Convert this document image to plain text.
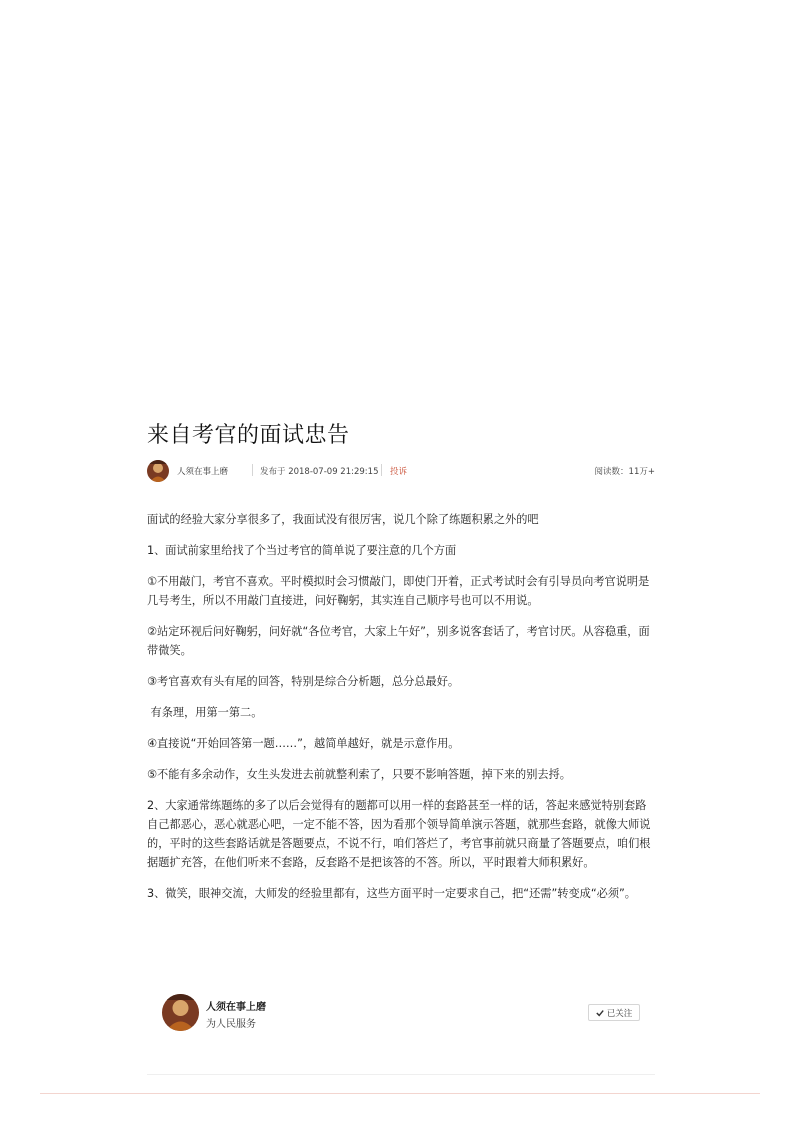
来自考官的面试忠告
人须在事上磨	发布于 2018-07-09 21:29:15 投诉	阅读数：11万+

面试的经验大家分享很多了，我面试没有很厉害，说几个除了练题积累之外的吧

1、面试前家里给找了个当过考官的简单说了要注意的几个方面

①不用敲门，考官不喜欢。平时模拟时会习惯敲门，即使门开着，正式考试时会有引导员向考官说明是几号考生，所以不用敲门直接进，问好鞠躬，其实连自己顺序号也可以不用说。

②站定环视后问好鞠躬，问好就“各位考官，大家上午好”，别多说客套话了，考官讨厌。从容稳重，面带微笑。

③考官喜欢有头有尾的回答，特别是综合分析题，总分总最好。

有条理，用第一第二。

④直接说“开始回答第一题……”，越简单越好，就是示意作用。

⑤不能有多余动作，女生头发进去前就整利索了，只要不影响答题，掉下来的别去捋。

2、大家通常练题练的多了以后会觉得有的题都可以用一样的套路甚至一样的话，答起来感觉特别套路自己都恶心，恶心就恶心吧，一定不能不答，因为看那个领导简单演示答题，就那些套路，就像大师说的，平时的这些套路话就是答题要点，不说不行，咱们答烂了，考官事前就只商量了答题要点，咱们根据题扩充答，在他们听来不套路，反套路不是把该答的不答。所以，平时跟着大师积累好。

3、微笑，眼神交流，大师发的经验里都有，这些方面平时一定要求自己，把“还需”转变成“必须”。

人须在事上磨
为人民服务
已关注
